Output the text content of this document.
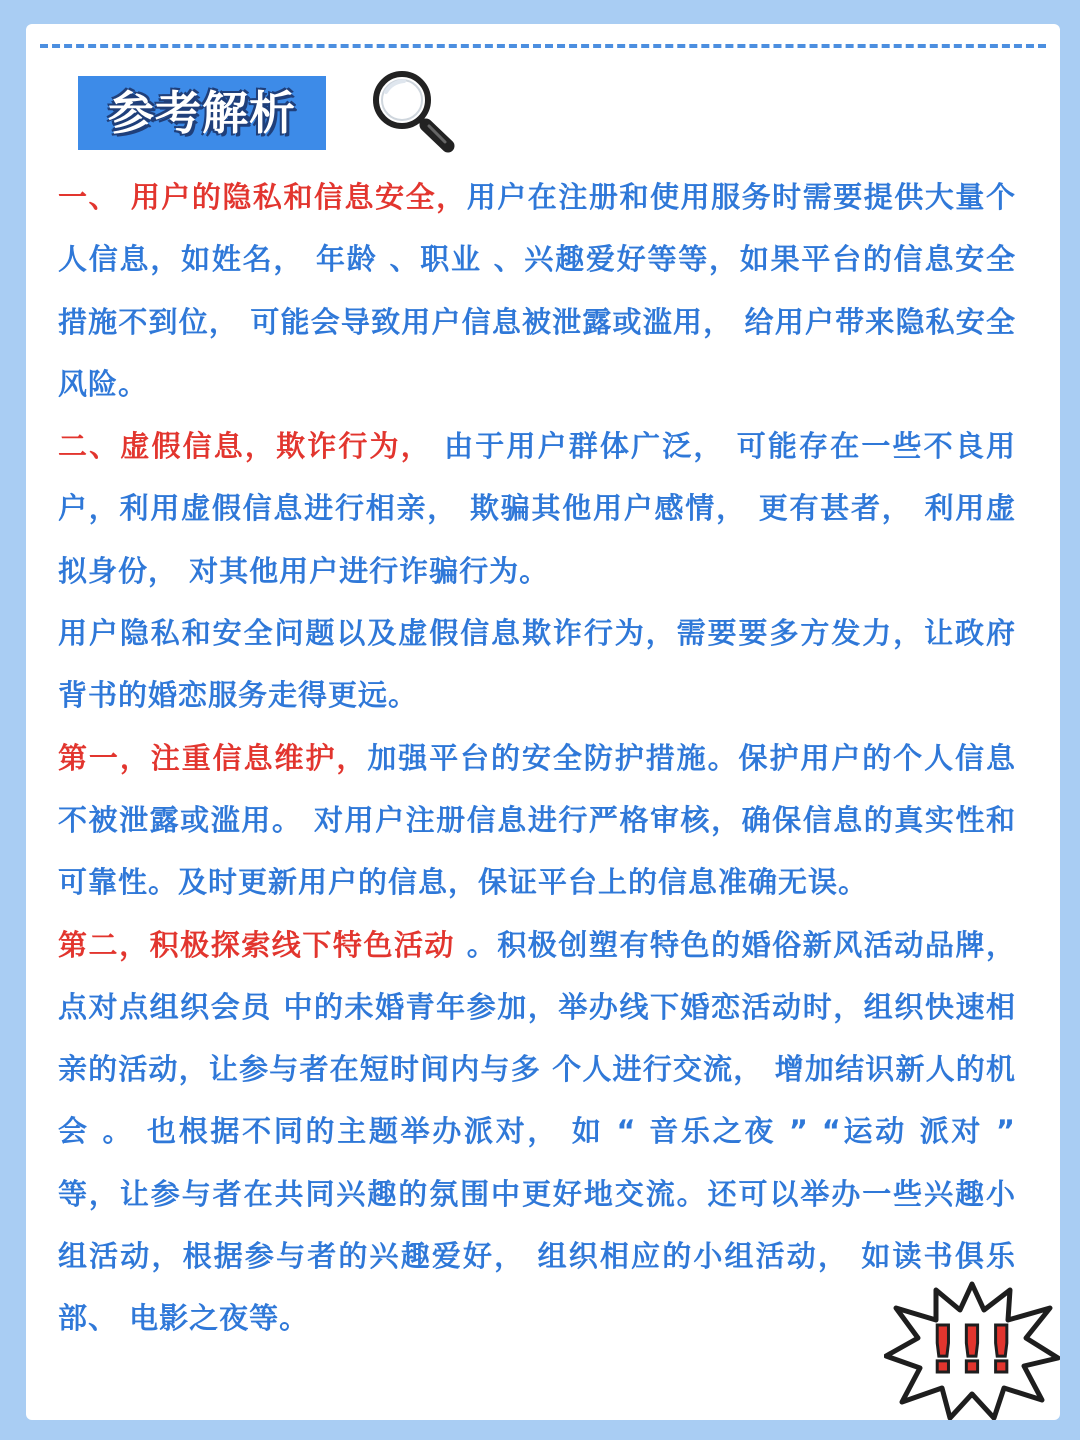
参考解析

一、 用户的隐私和信息安全，用户在注册和使用服务时需要提供大量个人信息，如姓名， 年龄 、职业 、兴趣爱好等等，如果平台的信息安全措施不到位， 可能会导致用户信息被泄露或滥用， 给用户带来隐私安全风险。

二、虚假信息，欺诈行为， 由于用户群体广泛， 可能存在一些不良用户，利用虚假信息进行相亲， 欺骗其他用户感情， 更有甚者， 利用虚拟身份， 对其他用户进行诈骗行为。

用户隐私和安全问题以及虚假信息欺诈行为，需要要多方发力，让政府背书的婚恋服务走得更远。

第一，注重信息维护，加强平台的安全防护措施。保护用户的个人信息不被泄露或滥用。 对用户注册信息进行严格审核，确保信息的真实性和可靠性。及时更新用户的信息，保证平台上的信息准确无误。

第二，积极探索线下特色活动 。积极创塑有特色的婚俗新风活动品牌，点对点组织会员 中的未婚青年参加，举办线下婚恋活动时，组织快速相亲的活动，让参与者在短时间内与多 个人进行交流， 增加结识新人的机会 。 也根据不同的主题举办派对， 如 “ 音乐之夜 ” “运动 派对 ” 等，让参与者在共同兴趣的氛围中更好地交流。还可以举办一些兴趣小组活动，根据参与者的兴趣爱好， 组织相应的小组活动， 如读书俱乐部、 电影之夜等。	!!!
